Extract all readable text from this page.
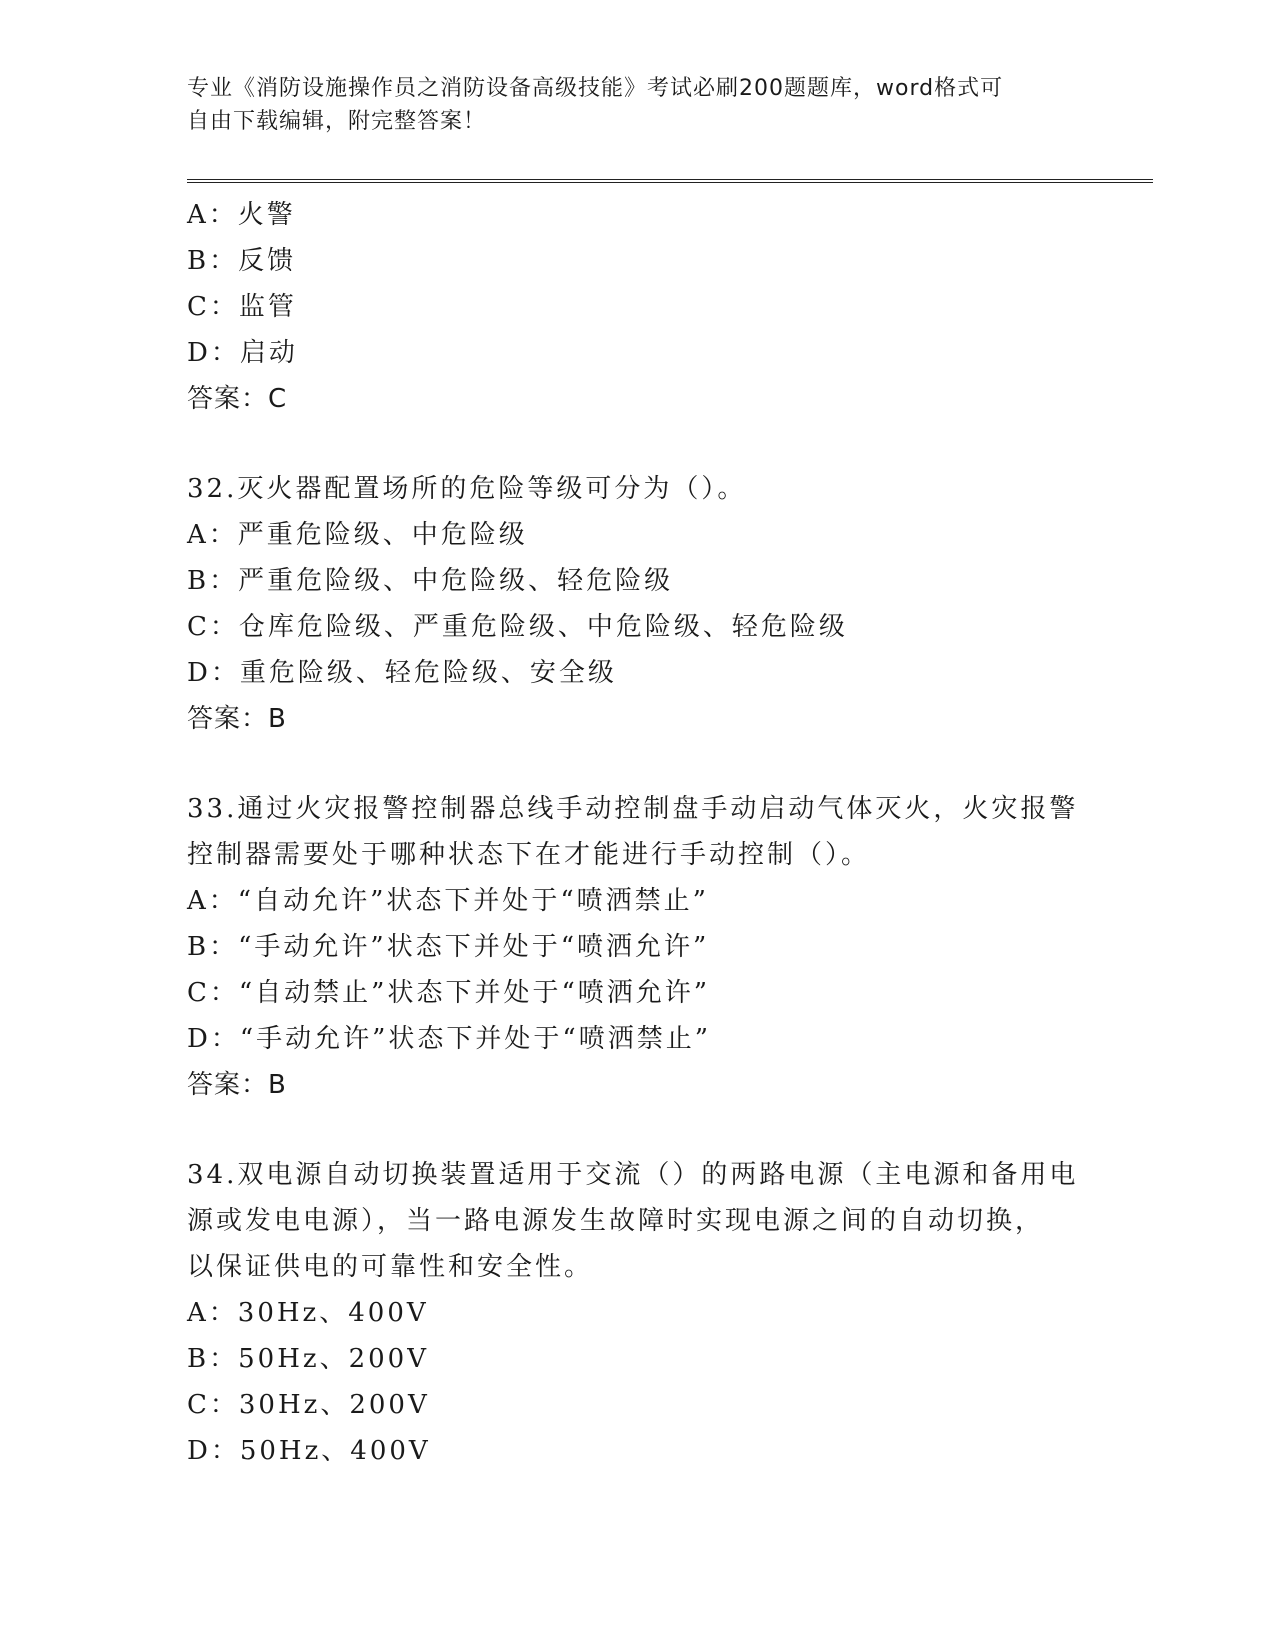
专业《消防设施操作员之消防设备高级技能》考试必刷200题题库，word格式可
自由下载编辑，附完整答案！
A：火警
B：反馈
C：监管
D：启动
答案：C
32.灭火器配置场所的危险等级可分为（）。
A：严重危险级、中危险级
B：严重危险级、中危险级、轻危险级
C：仓库危险级、严重危险级、中危险级、轻危险级
D：重危险级、轻危险级、安全级
答案：B
33.通过火灾报警控制器总线手动控制盘手动启动气体灭火，火灾报警
控制器需要处于哪种状态下在才能进行手动控制（）。
A：“自动允许”状态下并处于“喷洒禁止”
B：“手动允许”状态下并处于“喷洒允许”
C：“自动禁止”状态下并处于“喷洒允许”
D：“手动允许”状态下并处于“喷洒禁止”
答案：B
34.双电源自动切换装置适用于交流（）的两路电源（主电源和备用电
源或发电电源），当一路电源发生故障时实现电源之间的自动切换，
以保证供电的可靠性和安全性。
A：30Hz、400V
B：50Hz、200V
C：30Hz、200V
D：50Hz、400V
